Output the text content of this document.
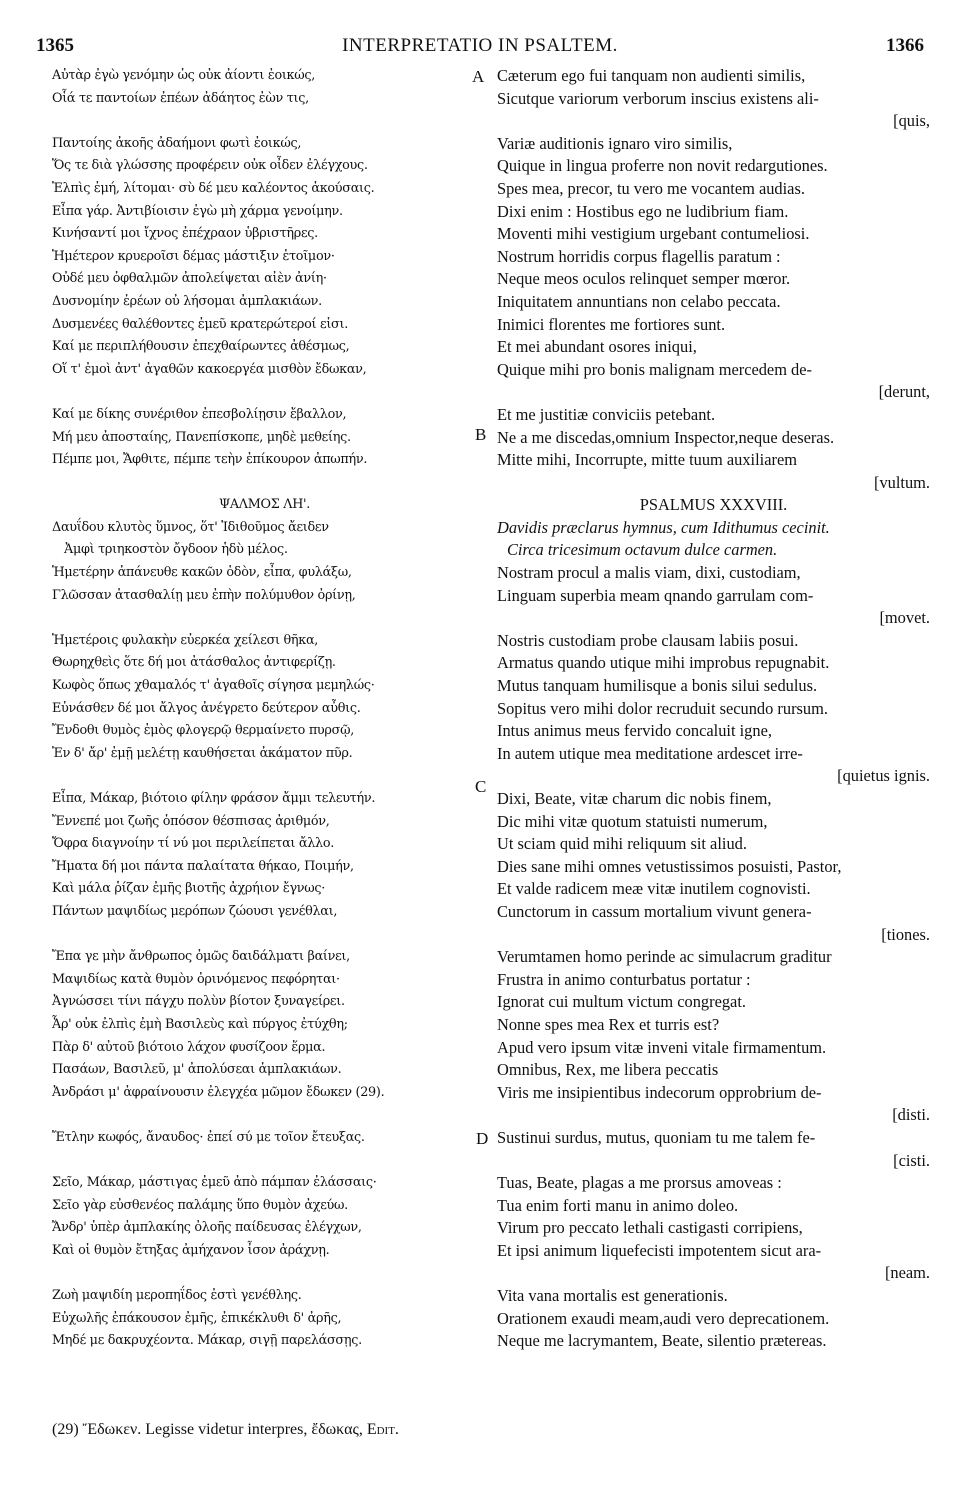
1365	INTERPRETATIO IN PSALTEM.	1366
A
B
C
D
Αὐτὰρ ἐγὼ γενόμην ὡς οὐκ ἀίοντι ἐοικώς,
Οἷά τε παντοίων ἐπέων ἀδάητος ἐὼν τις,
Παντοίης ἀκοῆς ἀδαήμονι φωτὶ ἐοικώς,
Ὅς τε διὰ γλώσσης προφέρειν οὐκ οἶδεν ἐλέγχους.
Ἐλπὶς ἐμή, λίτομαι· σὺ δέ μευ καλέοντος ἀκούσαις.
Εἶπα γάρ. Ἀντιβίοισιν ἐγὼ μὴ χάρμα γενοίμην.
Κινήσαντί μοι ἴχνος ἐπέχραον ὑβριστῆρες.
Ἡμέτερον κρυεροῖσι δέμας μάστιξιν ἑτοῖμον·
Οὐδέ μευ ὀφθαλμῶν ἀπολείψεται αἰὲν ἀνίη·
Δυσνομίην ἐρέων οὐ λήσομαι ἀμπλακιάων.
Δυσμενέες θαλέθοντες ἐμεῦ κρατερώτεροί εἰσι.
Καί με περιπλήθουσιν ἐπεχθαίρωντες ἀθέσμως,
Οἵ τ' ἐμοὶ ἀντ' ἀγαθῶν κακοεργέα μισθὸν ἔδωκαν,
Καί με δίκης συνέριθον ἐπεσβολίῃσιν ἔβαλλον,
Μή μευ ἀποσταίης, Πανεπίσκοπε, μηδὲ μεθείης.
Πέμπε μοι, Ἄφθιτε, πέμπε τεὴν ἐπίκουρον ἀπωπήν.
ΨΑΛΜΟΣ ΛΗ'.
Δαυΐδου κλυτὸς ὕμνος, ὅτ' Ἰδιθοῦμος ἄειδεν
Ἀμφὶ τριηκοστὸν ὄγδοον ἡδὺ μέλος.
Ἡμετέρην ἀπάνευθε κακῶν ὁδὸν, εἶπα, φυλάξω,
Γλῶσσαν ἀτασθαλίῃ μευ ἐπὴν πολύμυθον ὀρίνῃ,
Ἡμετέροις φυλακὴν εὐερκέα χείλεσι θῆκα,
Θωρηχθεὶς ὅτε δή μοι ἀτάσθαλος ἀντιφερίζῃ.
Κωφὸς ὅπως χθαμαλός τ' ἀγαθοῖς σίγησα μεμηλώς·
Εὐνάσθεν δέ μοι ἄλγος ἀνέγρετο δεύτερον αὖθις.
Ἔνδοθι θυμὸς ἐμὸς φλογερῷ θερμαίνετο πυρσῷ,
Ἐν δ' ἄρ' ἐμῇ μελέτῃ καυθήσεται ἀκάματον πῦρ.
Εἶπα, Μάκαρ, βιότοιο φίλην φράσον ἄμμι τελευτήν.
Ἔννεπέ μοι ζωῆς ὁπόσον θέσπισας ἀριθμόν,
Ὄφρα διαγνοίην τί νύ μοι περιλείπεται ἄλλο.
Ἤματα δή μοι πάντα παλαίτατα θήκαο, Ποιμήν,
Καὶ μάλα ῥίζαν ἐμῆς βιοτῆς ἀχρήιον ἔγνως·
Πάντων μαψιδίως μερόπων ζώουσι γενέθλαι,
Ἔπα γε μὴν ἄνθρωπος ὁμῶς δαιδάλματι βαίνει,
Μαψιδίως κατὰ θυμὸν ὀρινόμενος πεφόρηται·
Ἀγνώσσει τίνι πάγχυ πολὺν βίοτον ξυναγείρει.
Ἆρ' οὐκ ἐλπὶς ἐμὴ Βασιλεὺς καὶ πύργος ἐτύχθη;
Πὰρ δ' αὐτοῦ βιότοιο λάχον φυσίζοον ἕρμα.
Πασάων, Βασιλεῦ, μ' ἀπολύσεαι ἀμπλακιάων.
Ἀνδράσι μ' ἀφραίνουσιν ἐλεγχέα μῶμον ἔδωκεν (29).
Ἔτλην κωφός, ἄναυδος· ἐπεί σύ με τοῖον ἔτευξας.
Σεῖο, Μάκαρ, μάστιγας ἐμεῦ ἀπὸ πάμπαν ἐλάσσαις·
Σεῖο γὰρ εὐσθενέος παλάμης ὕπο θυμὸν ἀχεύω.
Ἄνδρ' ὑπὲρ ἀμπλακίης ὀλοῆς παίδευσας ἐλέγχων,
Καὶ οἱ θυμὸν ἔτηξας ἀμήχανον ἶσον ἀράχνῃ.
Ζωὴ μαψιδίη μεροπηΐδος ἐστὶ γενέθλης.
Εὐχωλῆς ἐπάκουσον ἐμῆς, ἐπικέκλυθι δ' ἀρῆς,
Μηδέ με δακρυχέοντα. Μάκαρ, σιγῇ παρελάσσῃς.
Cæterum ego fui tanquam non audienti similis,
Sicutque variorum verborum inscius existens ali-
[quis,
Variæ auditionis ignaro viro similis,
Quique in lingua proferre non novit redargutiones.
Spes mea, precor, tu vero me vocantem audias.
Dixi enim : Hostibus ego ne ludibrium fiam.
Moventi mihi vestigium urgebant contumeliosi.
Nostrum horridis corpus flagellis paratum :
Neque meos oculos relinquet semper mœror.
Iniquitatem annuntians non celabo peccata.
Inimici florentes me fortiores sunt.
Et mei abundant osores iniqui,
Quique mihi pro bonis malignam mercedem de-
[derunt,
Et me justitiæ conviciis petebant.
Ne a me discedas,omnium Inspector,neque deseras.
Mitte mihi, Incorrupte, mitte tuum auxiliarem
[vultum.
PSALMUS XXXVIII.
Davidis præclarus hymnus, cum Idithumus cecinit.
Circa tricesimum octavum dulce carmen.
Nostram procul a malis viam, dixi, custodiam,
Linguam superbia meam qnando garrulam com-
[movet.
Nostris custodiam probe clausam labiis posui.
Armatus quando utique mihi improbus repugnabit.
Mutus tanquam humilisque a bonis silui sedulus.
Sopitus vero mihi dolor recruduit secundo rursum.
Intus animus meus fervido concaluit igne,
In autem utique mea meditatione ardescet irre-
[quietus ignis.
Dixi, Beate, vitæ charum dic nobis finem,
Dic mihi vitæ quotum statuisti numerum,
Ut sciam quid mihi reliquum sit aliud.
Dies sane mihi omnes vetustissimos posuisti, Pastor,
Et valde radicem meæ vitæ inutilem cognovisti.
Cunctorum in cassum mortalium vivunt genera-
[tiones.
Verumtamen homo perinde ac simulacrum graditur
Frustra in animo conturbatus portatur :
Ignorat cui multum victum congregat.
Nonne spes mea Rex et turris est?
Apud vero ipsum vitæ inveni vitale firmamentum.
Omnibus, Rex, me libera peccatis
Viris me insipientibus indecorum opprobrium de-
[disti.
Sustinui surdus, mutus, quoniam tu me talem fe-
[cisti.
Tuas, Beate, plagas a me prorsus amoveas :
Tua enim forti manu in animo doleo.
Virum pro peccato lethali castigasti corripiens,
Et ipsi animum liquefecisti impotentem sicut ara-
[neam.
Vita vana mortalis est generationis.
Orationem exaudi meam,audi vero deprecationem.
Neque me lacrymantem, Beate, silentio prætereas.
(29) Ἔδωκεν. Legisse videtur interpres, ἔδωκας, Edit.
